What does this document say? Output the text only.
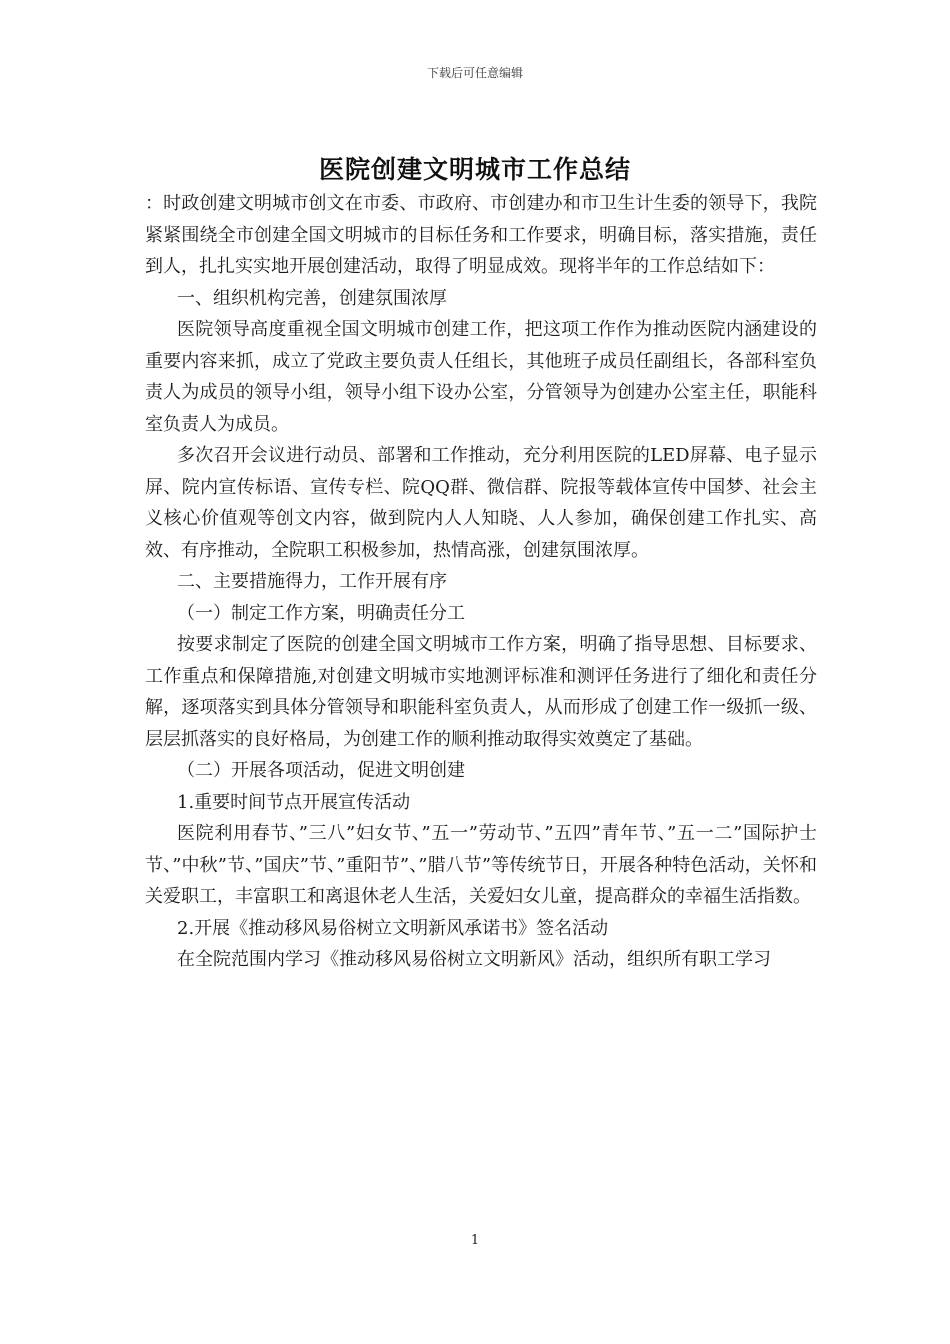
下载后可任意编辑
医院创建文明城市工作总结

：时政创建文明城市创文在市委、市政府、市创建办和市卫生计生委的领导下，我院紧紧围绕全市创建全国文明城市的目标任务和工作要求，明确目标，落实措施，责任到人，扎扎实实地开展创建活动，取得了明显成效。现将半年的工作总结如下：

一、组织机构完善，创建氛围浓厚

医院领导高度重视全国文明城市创建工作，把这项工作作为推动医院内涵建设的重要内容来抓，成立了党政主要负责人任组长，其他班子成员任副组长，各部科室负责人为成员的领导小组，领导小组下设办公室，分管领导为创建办公室主任，职能科室负责人为成员。

多次召开会议进行动员、部署和工作推动，充分利用医院的LED屏幕、电子显示屏、院内宣传标语、宣传专栏、院QQ群、微信群、院报等载体宣传中国梦、社会主义核心价值观等创文内容，做到院内人人知晓、人人参加，确保创建工作扎实、高效、有序推动，全院职工积极参加，热情高涨，创建氛围浓厚。

二、主要措施得力，工作开展有序

（一）制定工作方案，明确责任分工

按要求制定了医院的创建全国文明城市工作方案，明确了指导思想、目标要求、工作重点和保障措施,对创建文明城市实地测评标准和测评任务进行了细化和责任分解，逐项落实到具体分管领导和职能科室负责人，从而形成了创建工作一级抓一级、层层抓落实的良好格局，为创建工作的顺利推动取得实效奠定了基础。

（二）开展各项活动，促进文明创建

1.重要时间节点开展宣传活动

医院利用春节、”三八”妇女节、”五一”劳动节、”五四”青年节、”五一二”国际护士节、”中秋”节、”国庆”节、”重阳节”、”腊八节”等传统节日，开展各种特色活动，关怀和关爱职工，丰富职工和离退休老人生活，关爱妇女儿童，提高群众的幸福生活指数。

2.开展《推动移风易俗树立文明新风承诺书》签名活动

在全院范围内学习《推动移风易俗树立文明新风》活动，组织所有职工学习

1
